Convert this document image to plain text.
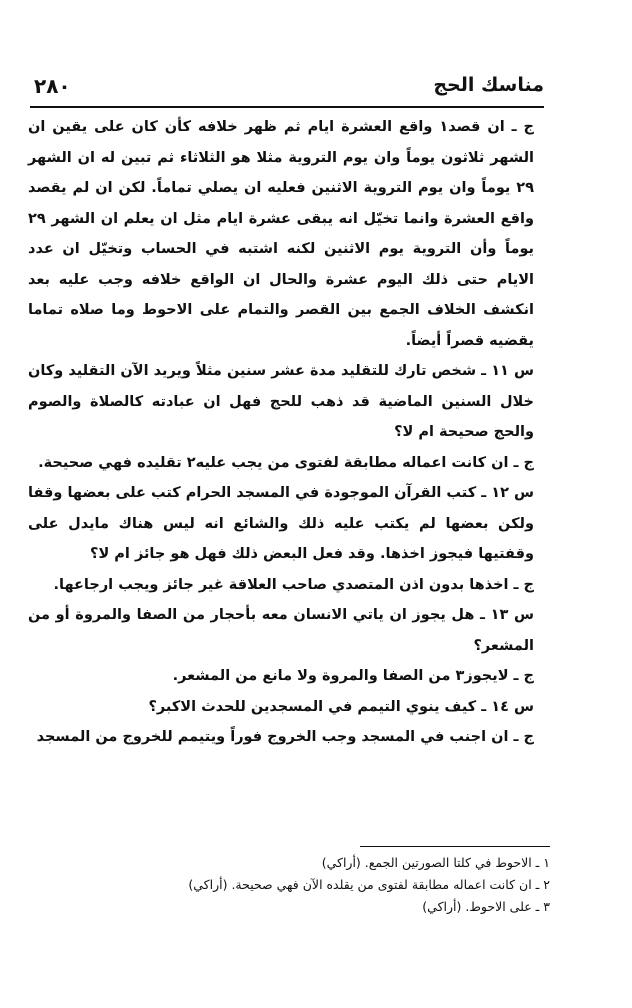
٢٨٠	مناسك الحج

ج ـ ان قصد١ واقع العشرة ايام ثم ظهر خلافه كأن كان على يقين ان الشهر ثلاثون يوماً وان يوم التروية مثلا هو الثلاثاء ثم تبين له ان الشهر ٢٩ يوماً وان يوم التروية الاثنين فعليه ان يصلي تماماً. لكن ان لم يقصد واقع العشرة وانما تخيّل انه يبقى عشرة ايام مثل ان يعلم ان الشهر ٢٩ يوماً وأن التروية يوم الاثنين لكنه اشتبه في الحساب وتخيّل ان عدد الايام حتى ذلك اليوم عشرة والحال ان الواقع خلافه وجب عليه بعد انكشف الخلاف الجمع بين القصر والتمام على الاحوط وما صلاه تماما يقضيه قصراً أيضاً.

س ١١ ـ شخص تارك للتقليد مدة عشر سنين مثلاً ويريد الآن التقليد وكان خلال السنين الماضية قد ذهب للحج فهل ان عبادته كالصلاة والصوم والحج صحيحة ام لا؟

ج ـ ان كانت اعماله مطابقة لفتوى من يجب عليه٢ تقليده فهي صحيحة.

س ١٢ ـ كتب القرآن الموجودة في المسجد الحرام كتب على بعضها وقفا ولكن بعضها لم يكتب عليه ذلك والشائع انه ليس هناك مايدل على وقفتيها فيجوز اخذها. وقد فعل البعض ذلك فهل هو جائز ام لا؟

ج ـ اخذها بدون اذن المتصدي صاحب العلاقة غير جائز ويجب ارجاعها.

س ١٣ ـ هل يجوز ان ياتي الانسان معه بأحجار من الصفا والمروة أو من المشعر؟

ج ـ لايجوز٣ من الصفا والمروة ولا مانع من المشعر.

س ١٤ ـ كيف ينوي التيمم في المسجدين للحدث الاكبر؟

ج ـ ان اجنب في المسجد وجب الخروج فوراً ويتيمم للخروج من المسجد

١ ـ الاحوط في كلتا الصورتين الجمع. (أراكي)

٢ ـ ان كانت اعماله مطابقة لفتوى من يقلده الآن فهي صحيحة. (أراكي)

٣ ـ على الاحوط. (أراكي)
